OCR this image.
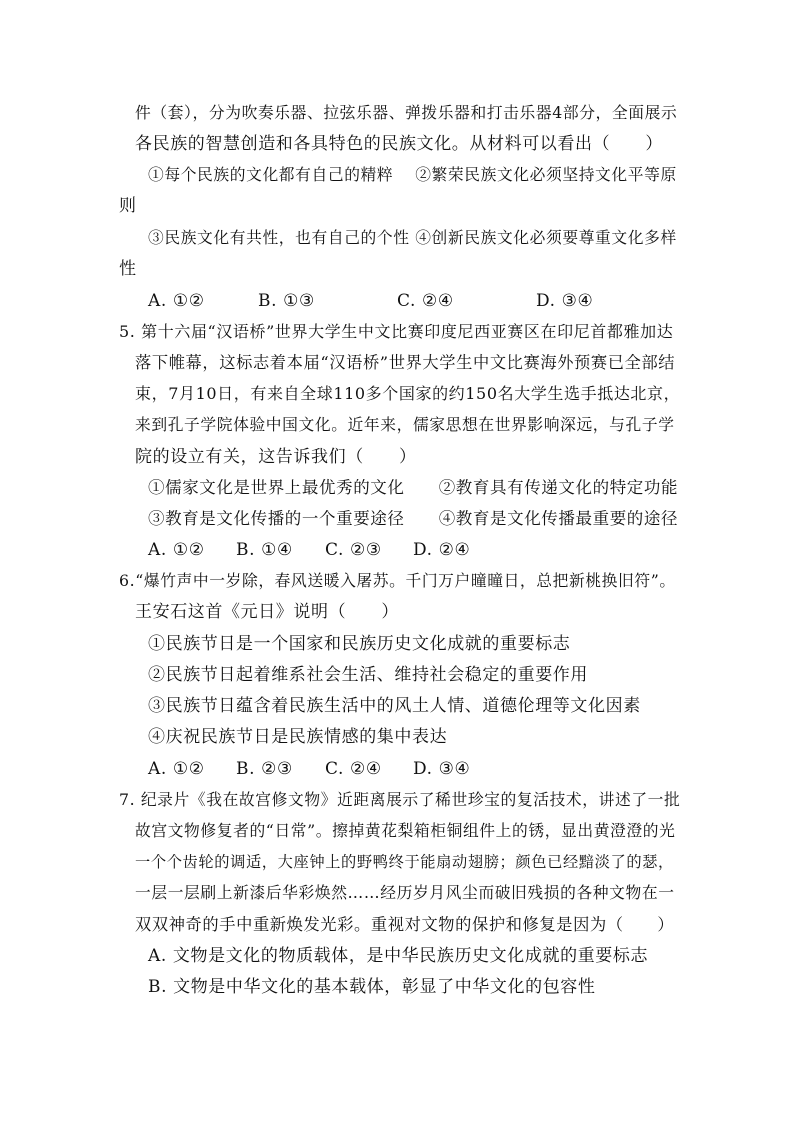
件（套），分为吹奏乐器、拉弦乐器、弹拨乐器和打击乐器4部分，全面展示
各民族的智慧创造和各具特色的民族文化。从材料可以看出（　　）
①每个民族的文化都有自己的精粹　 ②繁荣民族文化必须坚持文化平等原
则
③民族文化有共性，也有自己的个性 ④创新民族文化必须要尊重文化多样
性
A. ①②	B. ①③	C. ②④	D. ③④
5. 第十六届“汉语桥”世界大学生中文比赛印度尼西亚赛区在印尼首都雅加达
落下帷幕，这标志着本届“汉语桥”世界大学生中文比赛海外预赛已全部结
束，7月10日，有来自全球110多个国家的约150名大学生选手抵达北京，
来到孔子学院体验中国文化。近年来，儒家思想在世界影响深远，与孔子学
院的设立有关，这告诉我们（　　）
①儒家文化是世界上最优秀的文化　　②教育具有传递文化的特定功能
③教育是文化传播的一个重要途径　　④教育是文化传播最重要的途径
A. ①② B. ①④ C. ②③ D. ②④
6.“爆竹声中一岁除，春风送暖入屠苏。千门万户曈曈日，总把新桃换旧符”。
王安石这首《元日》说明（　　）
①民族节日是一个国家和民族历史文化成就的重要标志
②民族节日起着维系社会生活、维持社会稳定的重要作用
③民族节日蕴含着民族生活中的风土人情、道德伦理等文化因素
④庆祝民族节日是民族情感的集中表达
A. ①② B. ②③ C. ②④ D. ③④
7. 纪录片《我在故宫修文物》近距离展示了稀世珍宝的复活技术，讲述了一批
故宫文物修复者的“日常”。擦掉黄花梨箱柜铜组件上的锈，显出黄澄澄的光
一个个齿轮的调适，大座钟上的野鸭终于能扇动翅膀；颜色已经黯淡了的瑟，
一层一层刷上新漆后华彩焕然……经历岁月风尘而破旧残损的各种文物在一
双双神奇的手中重新焕发光彩。重视对文物的保护和修复是因为（　　）
A. 文物是文化的物质载体，是中华民族历史文化成就的重要标志
B. 文物是中华文化的基本载体，彰显了中华文化的包容性
